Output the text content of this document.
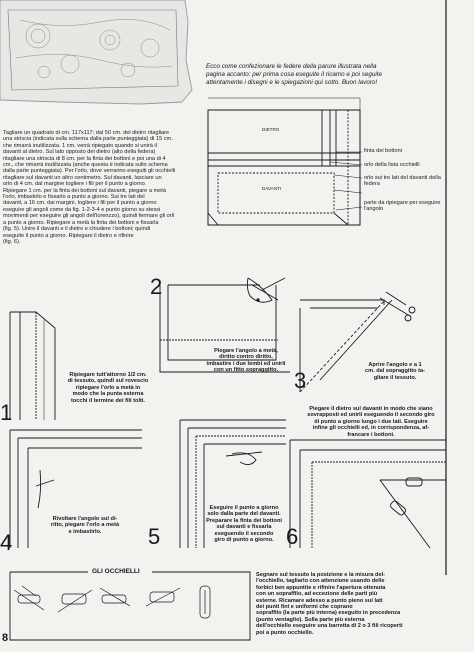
Ecco come confezionare le federe della parure illustrata nella
pagina accanto: per prima cosa eseguite il ricamo e poi seguite
attentamente i disegni e le spiegazioni qui sotto. Buon lavoro!
Tagliare un quadrato di cm. 117x117; dal 50 cm. del dietro ritagliare
una striscia (indicata sulla schema dalla parte punteggiata) di 15 cm.
che rimarrà inutilizzata. 1 cm. verrà ripiegato quando si unirà il
davanti al dietro. Sul lato opposto del dietro (alto della federa)
ritagliare una striscia di 8 cm. per la finta dei bottoni e poi una di 4
cm., che rimarrà inutilizzata (anche questa è indicata sullo schema
dalla parte punteggiata). Per l'orlo, dove verranno eseguiti gli occhielli
ritagliare sul davanti un altro centimetro. Sul davanti, lasciare un
orlo di 4 cm. dal margine togliere i fili per il punto a giorno.
Ripiegare 1 cm. per la finta dei bottoni sul davanti, piegare a metà
l'orlo, imbastirlo e fissarlo a punto a giorno. Sui tre lati del
davanti, a 16 cm. dai margini, togliere i fili per il punto a giorno
eseguire gli angoli come da fig. 1-2-3-4 e punto giorno su stessi
movimenti per eseguire gli angoli dell'lorenzzo), quindi fermare gli orli
a punto a giorno. Ripiegare a metà la finta dei bottoni e fissarla
(fig. 5). Unire il davanti e il dietro e chiudere i bottoni; quindi
eseguite il punto a giorno. Ripiegare il dietro e rifinire
(fig. 6).
DIETRO
DAVANTI
finta dei bottoni
orlo della lista occhielli
orlo sui tre lati del davanti della federa
parte da ripiegare per eseguire l'angolo
2
3
1
4	5	6
Ripiegare tutt'attorno 1/2 cm.
di tessuto, quindi sul rovescio
ripiegare l'orlo a metà in
modo che la punta esterna
tocchi il termine dei fili tolti.
Piegare l'angolo a metà,
diritto contro diritto,
imbastire i due lembi ed unirli
con un fitto sopraggitto.
Aprire l'angolo e a 1
cm. dal sopraggitto ta-
gliare il tessuto.
Rivoltare l'angolo sul di-
ritto, piegare l'orlo a metà
e imbastirlo.
Eseguire il punto a giorno
solo dalla parte del davanti.
Preparare la finta dei bottoni
sul davanti e fissarla
eseguendo il secondo
giro di punto a giorno.
Piegare il dietro sul davanti in modo che siano
sovrapposti ed unirli eseguendo il secondo giro
di punto a giorno lungo i due lati. Eseguire
infine gli occhielli ed, in corrispondenza, af-
francare i bottoni.
GLI OCCHIELLI	Segnare sul tessuto la posizione e la misura del-
l'occhiello, tagliarlo con attenzione usando delle
forbici ben appuntite e rifinire l'apertura ottenuta
con un sopraffilo, ad eccezione delle parti più
esterne. Ricamare adesso a punto pieno sui lati
dei punti fini e uniformi che coprano
sopraffilo (la parte più interna) eseguito in precedenza
(punto ventaglio). Sulla parte più esterna
dell'occhiello eseguire una barretta di 2 o 3 fili ricoperti
poi a punto occhiello.
8
